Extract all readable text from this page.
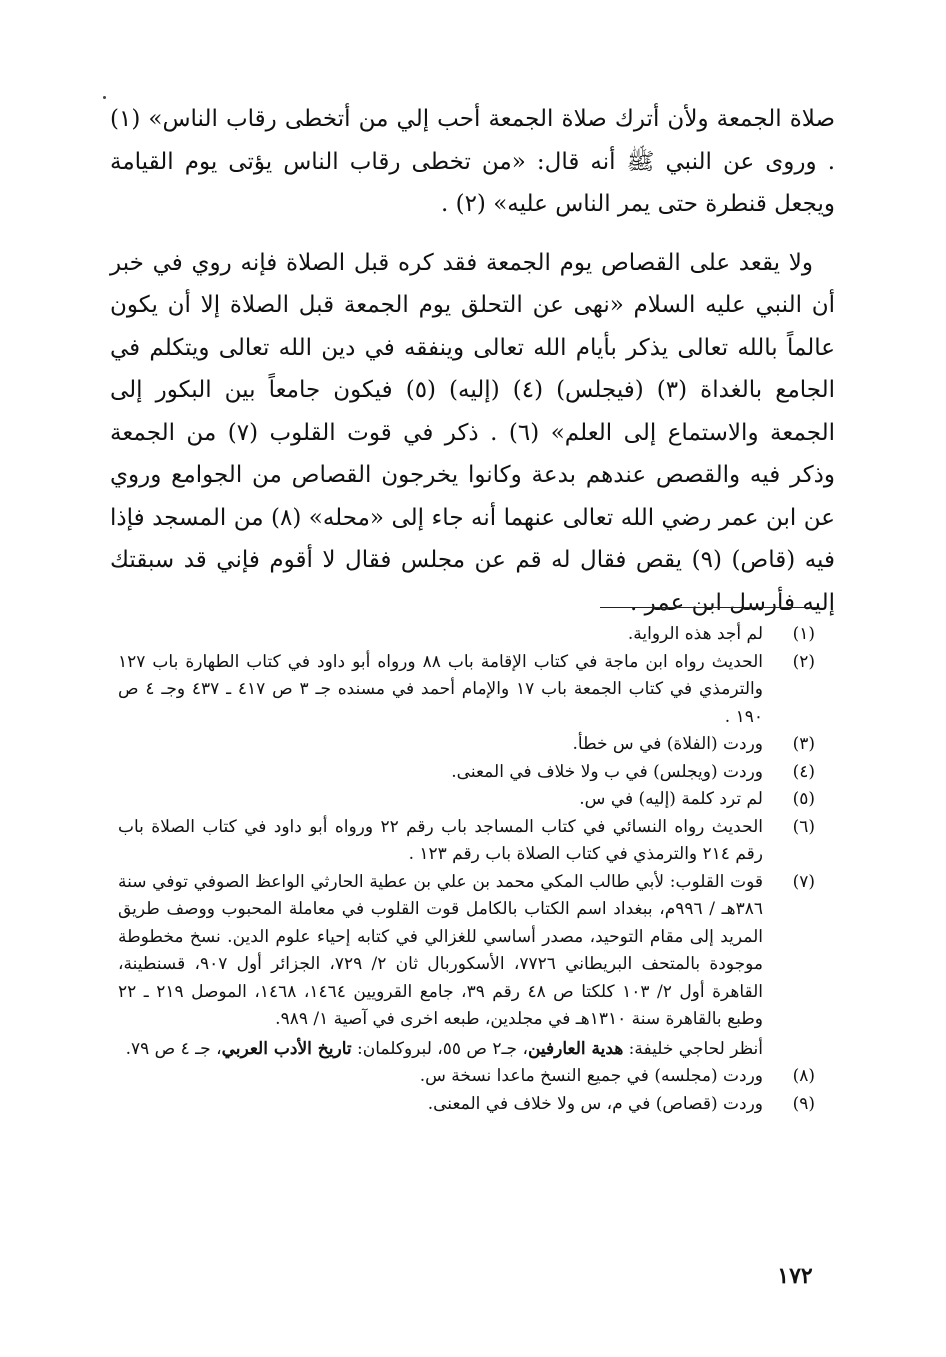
صلاة الجمعة ولأن أترك صلاة الجمعة أحب إلي من أتخطى رقاب الناس» (١) . وروى عن النبي ﷺ أنه قال: «من تخطى رقاب الناس يؤتى يوم القيامة ويجعل قنطرة حتى يمر الناس عليه» (٢) .

ولا يقعد على القصاص يوم الجمعة فقد كره قبل الصلاة فإنه روي في خبر أن النبي عليه السلام «نهى عن التحلق يوم الجمعة قبل الصلاة إلا أن يكون عالماً بالله تعالى يذكر بأيام الله تعالى وينفقه في دين الله تعالى ويتكلم في الجامع بالغداة (٣) (فيجلس) (٤) (إليه) (٥) فيكون جامعاً بين البكور إلى الجمعة والاستماع إلى العلم» (٦) . ذكر في قوت القلوب (٧) من الجمعة وذكر فيه والقصص عندهم بدعة وكانوا يخرجون القصاص من الجوامع وروي عن ابن عمر رضي الله تعالى عنهما أنه جاء إلى «محله» (٨) من المسجد فإذا فيه (قاص) (٩) يقص فقال له قم عن مجلس فقال لا أقوم فإني قد سبقتك إليه فأرسل ابن عمر .

(١)
لم أجد هذه الرواية.
(٢)
الحديث رواه ابن ماجة في كتاب الإقامة باب ٨٨ ورواه أبو داود في كتاب الطهارة باب ١٢٧ والترمذي في كتاب الجمعة باب ١٧ والإمام أحمد في مسنده جـ ٣ ص ٤١٧ ـ ٤٣٧ وجـ ٤ ص ١٩٠ .
(٣)
وردت (الفلاة) في س خطأ.
(٤)
وردت (ويجلس) في ب ولا خلاف في المعنى.
(٥)
لم ترد كلمة (إليه) في س.
(٦)
الحديث رواه النسائي في كتاب المساجد باب رقم ٢٢ ورواه أبو داود في كتاب الصلاة باب رقم ٢١٤ والترمذي في كتاب الصلاة باب رقم ١٢٣ .
(٧)
قوت القلوب: لأبي طالب المكي محمد بن علي بن عطية الحارثي الواعظ الصوفي توفي سنة ٣٨٦هـ / ٩٩٦م، ببغداد اسم الكتاب بالكامل قوت القلوب في معاملة المحبوب ووصف طريق المريد إلى مقام التوحيد، مصدر أساسي للغزالي في كتابه إحياء علوم الدين. نسخ مخطوطة موجودة بالمتحف البريطاني ٧٧٢٦، الأسكوربال ثان ٢/ ٧٢٩، الجزائر أول ٩٠٧، قسنطينة، القاهرة أول ٢/ ١٠٣ كلكتا ص ٤٨ رقم ٣٩، جامع القرويين ١٤٦٤، ١٤٦٨، الموصل ٢١٩ ـ ٢٢ وطبع بالقاهرة سنة ١٣١٠هـ في مجلدين، طبعه اخرى في آصية ١/ ٩٨٩.
أنظر لحاجي خليفة: هدية العارفين، جـ٢ ص ٥٥، لبروكلمان: تاريخ الأدب العربي، جـ ٤ ص ٧٩.
(٨)
وردت (مجلسه) في جميع النسخ ماعدا نسخة س.
(٩)
وردت (قصاص) في م، س ولا خلاف في المعنى.
١٧٢
